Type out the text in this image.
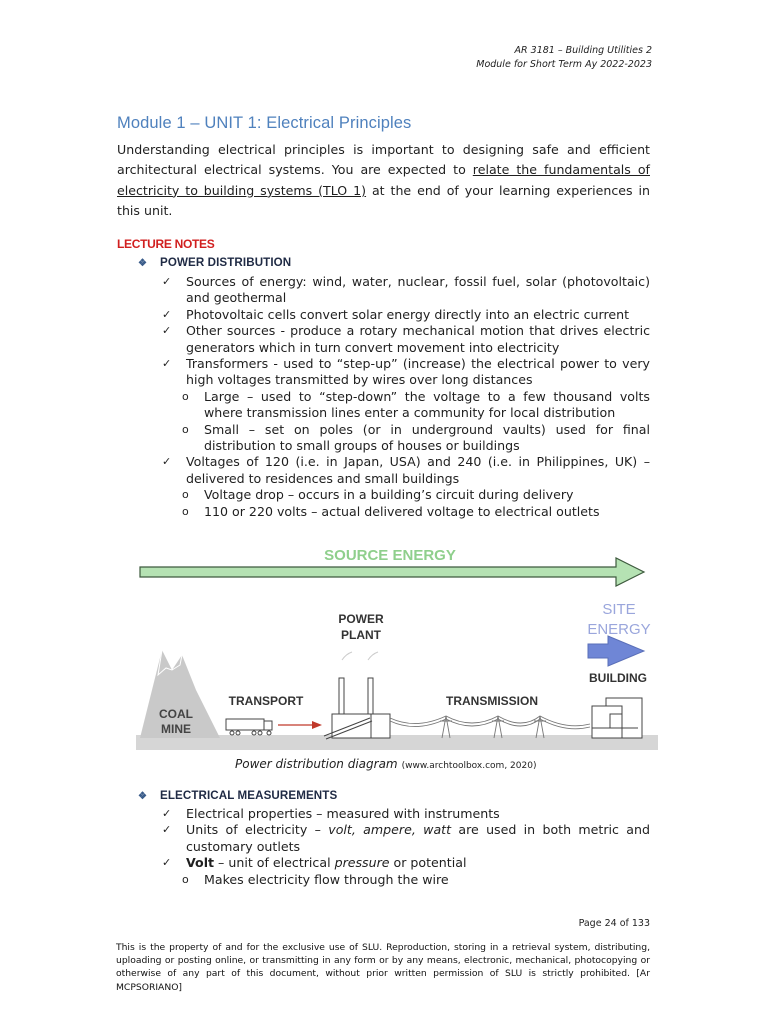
AR 3181 – Building Utilities 2
Module for Short Term Ay 2022-2023
Module 1 – UNIT 1: Electrical Principles
Understanding electrical principles is important to designing safe and efficient architectural electrical systems. You are expected to relate the fundamentals of electricity to building systems (TLO 1) at the end of your learning experiences in this unit.
LECTURE NOTES
❖ POWER DISTRIBUTION
✓ Sources of energy: wind, water, nuclear, fossil fuel, solar (photovoltaic) and geothermal
✓ Photovoltaic cells convert solar energy directly into an electric current
✓ Other sources - produce a rotary mechanical motion that drives electric generators which in turn convert movement into electricity
✓ Transformers - used to “step-up” (increase) the electrical power to very high voltages transmitted by wires over long distances
o Large – used to “step-down” the voltage to a few thousand volts where transmission lines enter a community for local distribution
o Small – set on poles (or in underground vaults) used for final distribution to small groups of houses or buildings
✓ Voltages of 120 (i.e. in Japan, USA) and 240 (i.e. in Philippines, UK) – delivered to residences and small buildings
o Voltage drop – occurs in a building’s circuit during delivery
o 110 or 220 volts – actual delivered voltage to electrical outlets
SOURCE ENERGY
SITE
ENERGY
COAL
MINE
TRANSPORT
POWER
PLANT
TRANSMISSION
BUILDING
Power distribution diagram (www.archtoolbox.com, 2020)
❖ ELECTRICAL MEASUREMENTS
✓ Electrical properties – measured with instruments
✓ Units of electricity – volt, ampere, watt are used in both metric and customary outlets
✓ Volt – unit of electrical pressure or potential
o Makes electricity flow through the wire
Page 24 of 133
This is the property of and for the exclusive use of SLU. Reproduction, storing in a retrieval system, distributing, uploading or posting online, or transmitting in any form or by any means, electronic, mechanical, photocopying or otherwise of any part of this document, without prior written permission of SLU is strictly prohibited. [Ar MCPSORIANO]
